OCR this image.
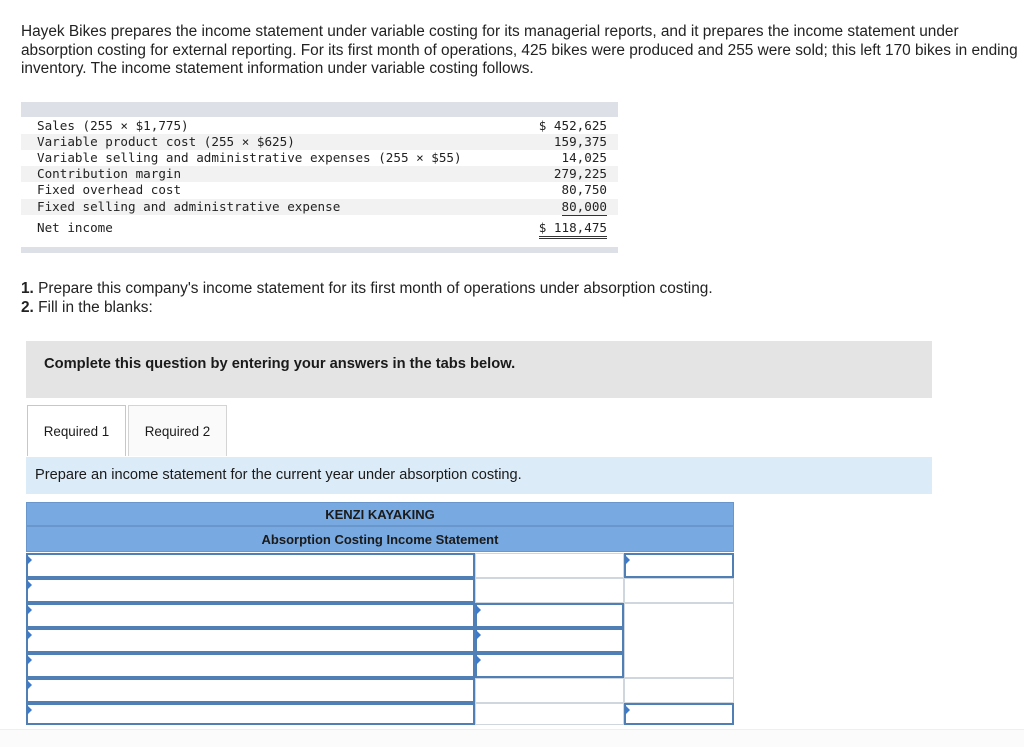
Hayek Bikes prepares the income statement under variable costing for its managerial reports, and it prepares the income statement under absorption costing for external reporting. For its first month of operations, 425 bikes were produced and 255 were sold; this left 170 bikes in ending inventory. The income statement information under variable costing follows.
Sales (255 × $1,775)	$ 452,625
Variable product cost (255 × $625)	159,375
Variable selling and administrative expenses (255 × $55)	14,025
Contribution margin	279,225
Fixed overhead cost	80,750
Fixed selling and administrative expense	80,000
Net income	$ 118,475
1. Prepare this company's income statement for its first month of operations under absorption costing.
2. Fill in the blanks:
Complete this question by entering your answers in the tabs below.
Required 1	Required 2
Prepare an income statement for the current year under absorption costing.
KENZI KAYAKING
Absorption Costing Income Statement
